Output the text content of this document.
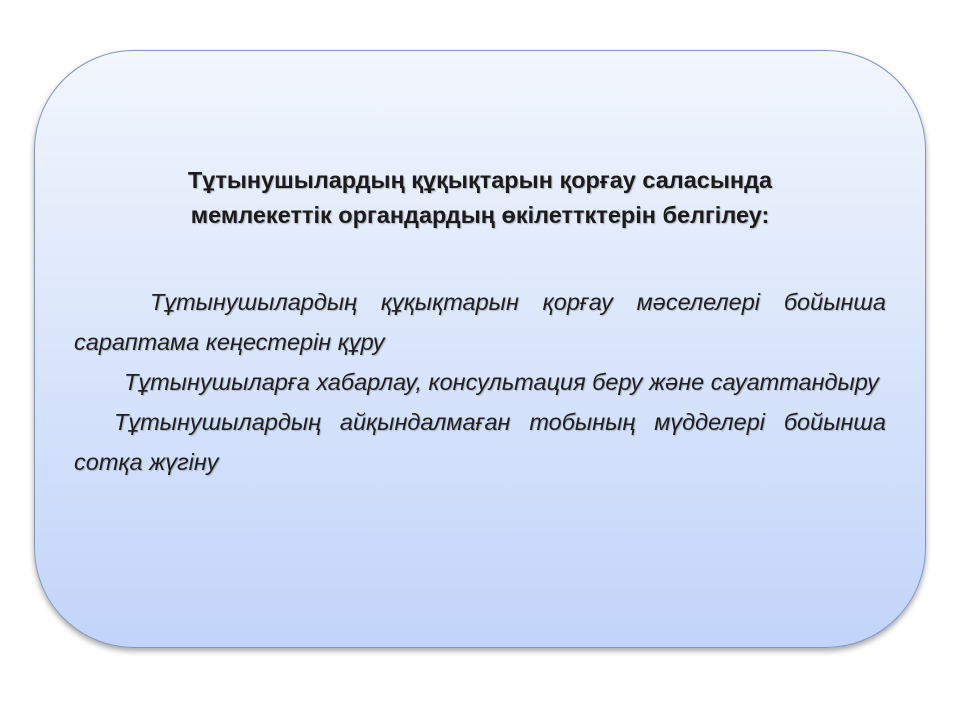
Тұтынушылардың құқықтарын қорғау саласында
мемлекеттік органдардың өкілеттктерін белгілеу:

Тұтынушылардың құқықтарын қорғау мәселелері бойынша сараптама кеңестерін құру

Тұтынушыларға хабарлау, консультация беру және сауаттандыру

Тұтынушылардың айқындалмаған тобының мүдделері бойынша сотқа жүгіну
